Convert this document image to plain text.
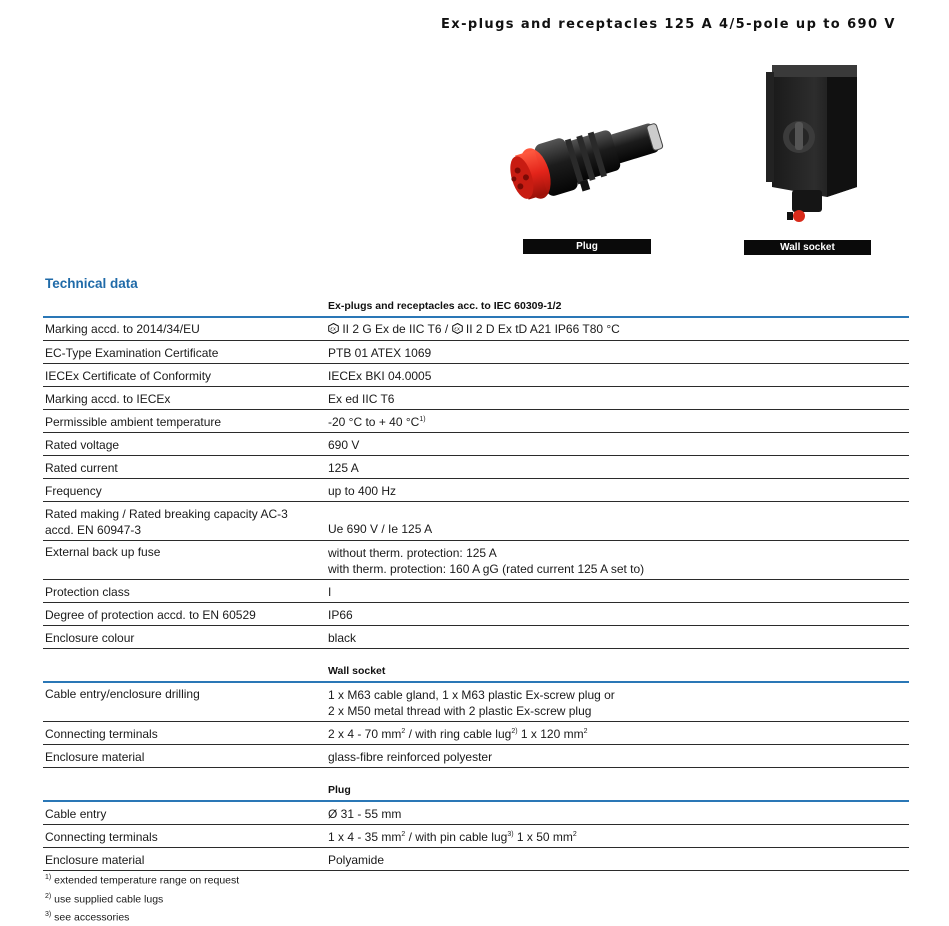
Ex-plugs and receptacles 125 A 4/5-pole up to 690 V
Plug	Wall socket
Technical data
Ex-plugs and receptacles acc. to IEC 60309-1/2
Marking accd. to 2014/34/EU	εx II 2 G Ex de IIC T6 / εx II 2 D Ex tD A21 IP66 T80 °C
EC-Type Examination Certificate	PTB 01 ATEX 1069
IECEx Certificate of Conformity	IECEx BKI 04.0005
Marking accd. to IECEx	Ex ed IIC T6
Permissible ambient temperature	-20 °C to + 40 $^\circ C^{1)}$
Rated voltage	690 V
Rated current	125 A
Frequency	up to 400 Hz
Rated making / Rated breaking capacity AC-3
accd. EN 60947-3	Ue 690 V / Ie 125 A
External back up fuse	without therm. protection: 125 A
with therm. protection: 160 A gG (rated current 125 A set to)
Protection class	I
Degree of protection accd. to EN 60529	IP66
Enclosure colour	black
Wall socket
Cable entry/enclosure drilling	1 x M63 cable gland, 1 x M63 plastic Ex-screw plug or
2 x M50 metal thread with 2 plastic Ex-screw plug
Connecting terminals	2 x 4 - 70 $mm^2$ / with ring cable lug$^{2)}$ 1 x 120 $mm^2$
Enclosure material	glass-fibre reinforced polyester
Plug
Cable entry	Ø 31 - 55 mm
Connecting terminals	1 x 4 - 35 $mm^2$ / with pin cable lug$^{3)}$ 1 x 50 $mm^2$
Enclosure material	Polyamide
$^{1)}$ extended temperature range on request
$^{2)}$ use supplied cable lugs
$^{3)}$ see accessories
